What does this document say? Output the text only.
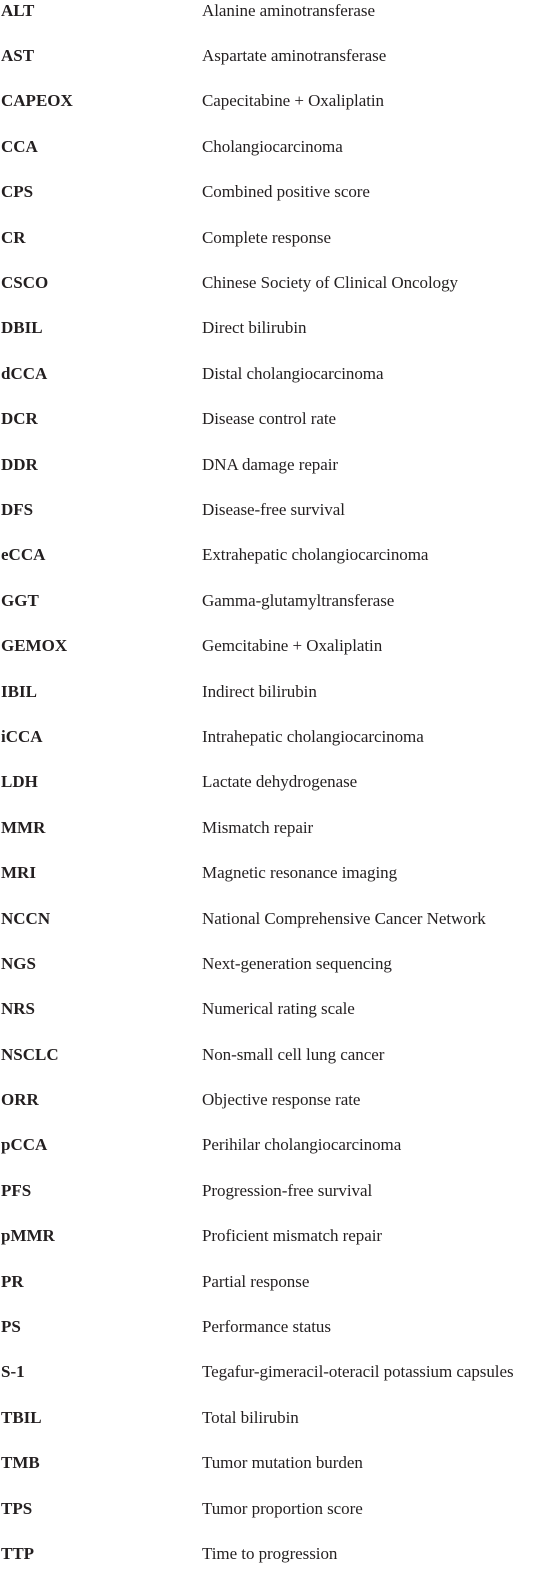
ALT	Alanine aminotransferase
AST	Aspartate aminotransferase
CAPEOX	Capecitabine + Oxaliplatin
CCA	Cholangiocarcinoma
CPS	Combined positive score
CR	Complete response
CSCO	Chinese Society of Clinical Oncology
DBIL	Direct bilirubin
dCCA	Distal cholangiocarcinoma
DCR	Disease control rate
DDR	DNA damage repair
DFS	Disease-free survival
eCCA	Extrahepatic cholangiocarcinoma
GGT	Gamma-glutamyltransferase
GEMOX	Gemcitabine + Oxaliplatin
IBIL	Indirect bilirubin
iCCA	Intrahepatic cholangiocarcinoma
LDH	Lactate dehydrogenase
MMR	Mismatch repair
MRI	Magnetic resonance imaging
NCCN	National Comprehensive Cancer Network
NGS	Next-generation sequencing
NRS	Numerical rating scale
NSCLC	Non-small cell lung cancer
ORR	Objective response rate
pCCA	Perihilar cholangiocarcinoma
PFS	Progression-free survival
pMMR	Proficient mismatch repair
PR	Partial response
PS	Performance status
S-1	Tegafur-gimeracil-oteracil potassium capsules
TBIL	Total bilirubin
TMB	Tumor mutation burden
TPS	Tumor proportion score
TTP	Time to progression
